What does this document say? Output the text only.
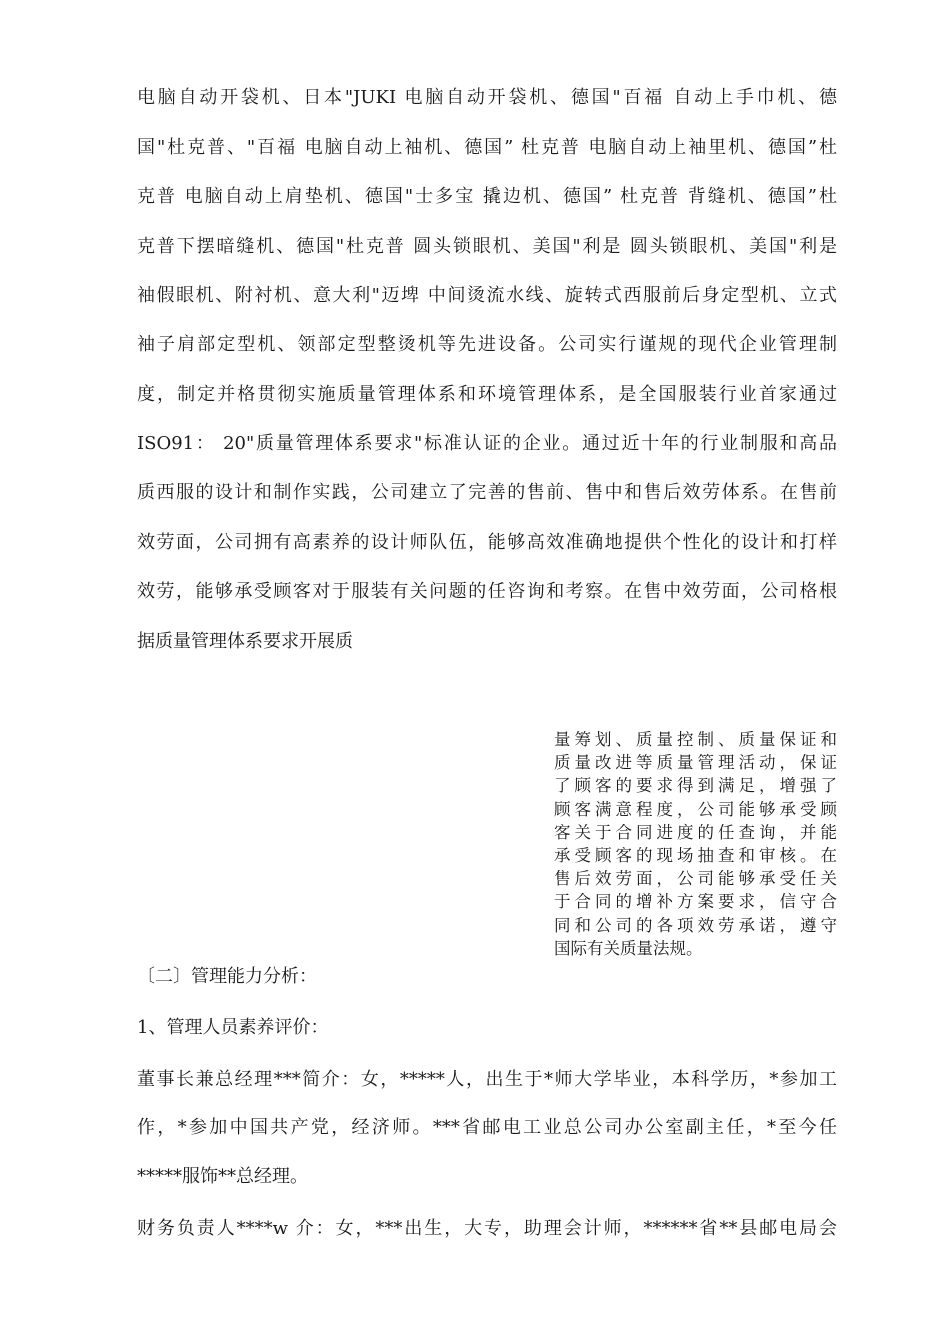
电脑自动开袋机、日本"JUKI 电脑自动开袋机、德国"百福 自动上手巾机、德
国"杜克普、"百福 电脑自动上袖机、德国” 杜克普 电脑自动上袖里机、德国”杜
克普 电脑自动上肩垫机、德国"士多宝 撬边机、德国” 杜克普 背缝机、德国”杜
克普下摆暗缝机、德国"杜克普 圆头锁眼机、美国"利是 圆头锁眼机、美国"利是
袖假眼机、附衬机、意大利"迈埤 中间烫流水线、旋转式西服前后身定型机、立式
袖子肩部定型机、领部定型整烫机等先进设备。公司实行谨规的现代企业管理制
度，制定并格贯彻实施质量管理体系和环境管理体系，是全国服装行业首家通过
ISO91： 20"质量管理体系要求"标准认证的企业。通过近十年的行业制服和高品
质西服的设计和制作实践，公司建立了完善的售前、售中和售后效劳体系。在售前
效劳面，公司拥有高素养的设计师队伍，能够高效准确地提供个性化的设计和打样
效劳，能够承受顾客对于服装有关问题的任咨询和考察。在售中效劳面，公司格根
据质量管理体系要求开展质
量筹划、质量控制、质量保证和
质量改进等质量管理活动，保证
了顾客的要求得到满足，增强了
顾客满意程度，公司能够承受顾
客关于合同进度的任查询，并能
承受顾客的现场抽查和审核。在
售后效劳面，公司能够承受任关
于合同的增补方案要求，信守合
同和公司的各项效劳承诺，遵守
国际有关质量法规。
〔二〕管理能力分析：
1、管理人员素养评价：
董事长兼总经理***简介：女，*****人，出生于*师大学毕业，本科学历，*参加工
作，*参加中国共产党，经济师。***省邮电工业总公司办公室副主任，*至今任
*****服饰**总经理。
财务负责人****w 介：女，***出生，大专，助理会计师，******省**县邮电局会
